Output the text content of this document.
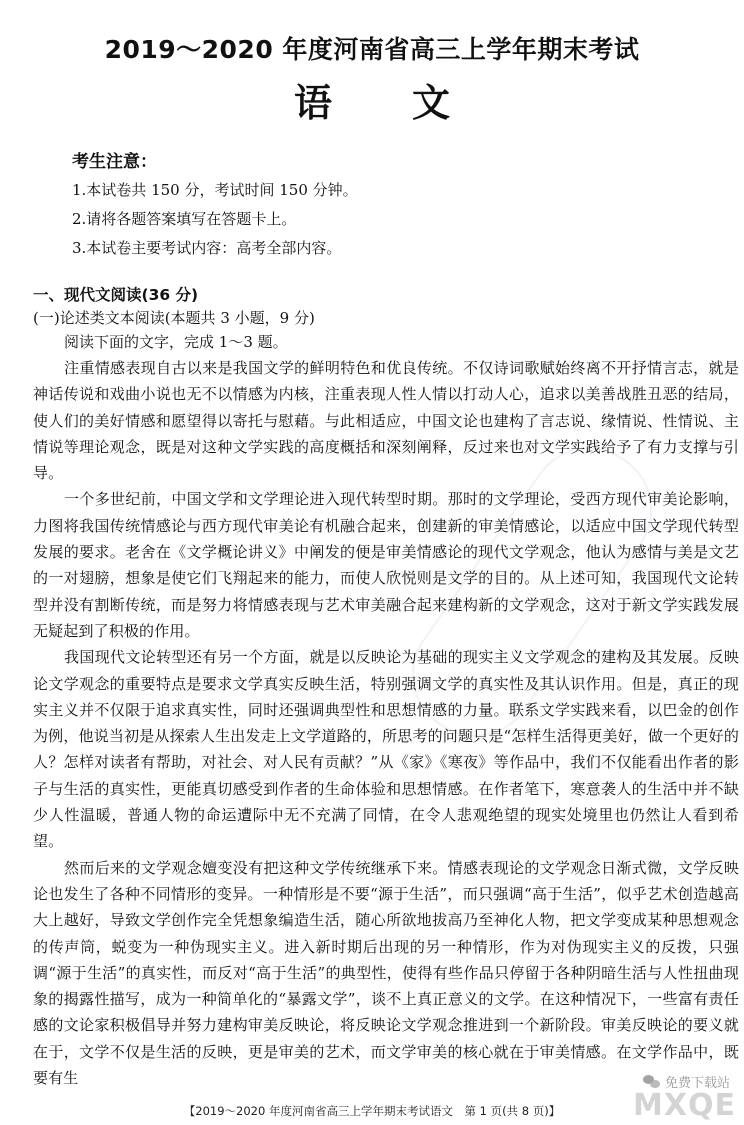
2019～2020 年度河南省高三上学年期末考试
语文
考生注意：
1.本试卷共 150 分，考试时间 150 分钟。
2.请将各题答案填写在答题卡上。
3.本试卷主要考试内容：高考全部内容。
一、现代文阅读(36 分)
(一)论述类文本阅读(本题共 3 小题，9 分)
阅读下面的文字，完成 1～3 题。

注重情感表现自古以来是我国文学的鲜明特色和优良传统。不仅诗词歌赋始终离不开抒情言志，就是神话传说和戏曲小说也无不以情感为内核，注重表现人性人情以打动人心，追求以美善战胜丑恶的结局，使人们的美好情感和愿望得以寄托与慰藉。与此相适应，中国文论也建构了言志说、缘情说、性情说、主情说等理论观念，既是对这种文学实践的高度概括和深刻阐释，反过来也对文学实践给予了有力支撑与引导。

一个多世纪前，中国文学和文学理论进入现代转型时期。那时的文学理论，受西方现代审美论影响，力图将我国传统情感论与西方现代审美论有机融合起来，创建新的审美情感论，以适应中国文学现代转型发展的要求。老舍在《文学概论讲义》中阐发的便是审美情感论的现代文学观念，他认为感情与美是文艺的一对翅膀，想象是使它们飞翔起来的能力，而使人欣悦则是文学的目的。从上述可知，我国现代文论转型并没有割断传统，而是努力将情感表现与艺术审美融合起来建构新的文学观念，这对于新文学实践发展无疑起到了积极的作用。

我国现代文论转型还有另一个方面，就是以反映论为基础的现实主义文学观念的建构及其发展。反映论文学观念的重要特点是要求文学真实反映生活，特别强调文学的真实性及其认识作用。但是，真正的现实主义并不仅限于追求真实性，同时还强调典型性和思想情感的力量。联系文学实践来看，以巴金的创作为例，他说当初是从探索人生出发走上文学道路的，所思考的问题只是“怎样生活得更美好，做一个更好的人？怎样对读者有帮助，对社会、对人民有贡献？”从《家》《寒夜》等作品中，我们不仅能看出作者的影子与生活的真实性，更能真切感受到作者的生命体验和思想情感。在作者笔下，寒意袭人的生活中并不缺少人性温暖，普通人物的命运遭际中无不充满了同情，在令人悲观绝望的现实处境里也仍然让人看到希望。

然而后来的文学观念嬗变没有把这种文学传统继承下来。情感表现论的文学观念日渐式微，文学反映论也发生了各种不同情形的变异。一种情形是不要“源于生活”，而只强调“高于生活”，似乎艺术创造越高大上越好，导致文学创作完全凭想象编造生活，随心所欲地拔高乃至神化人物，把文学变成某种思想观念的传声筒，蜕变为一种伪现实主义。进入新时期后出现的另一种情形，作为对伪现实主义的反拨，只强调“源于生活”的真实性，而反对“高于生活”的典型性，使得有些作品只停留于各种阴暗生活与人性扭曲现象的揭露性描写，成为一种简单化的“暴露文学”，谈不上真正意义的文学。在这种情况下，一些富有责任感的文论家积极倡导并努力建构审美反映论，将反映论文学观念推进到一个新阶段。审美反映论的要义就在于，文学不仅是生活的反映，更是审美的艺术，而文学审美的核心就在于审美情感。在文学作品中，既要有生

【2019～2020 年度河南省高三上学年期末考试语文　第 1 页(共 8 页)】
免费下载站
MXQE
